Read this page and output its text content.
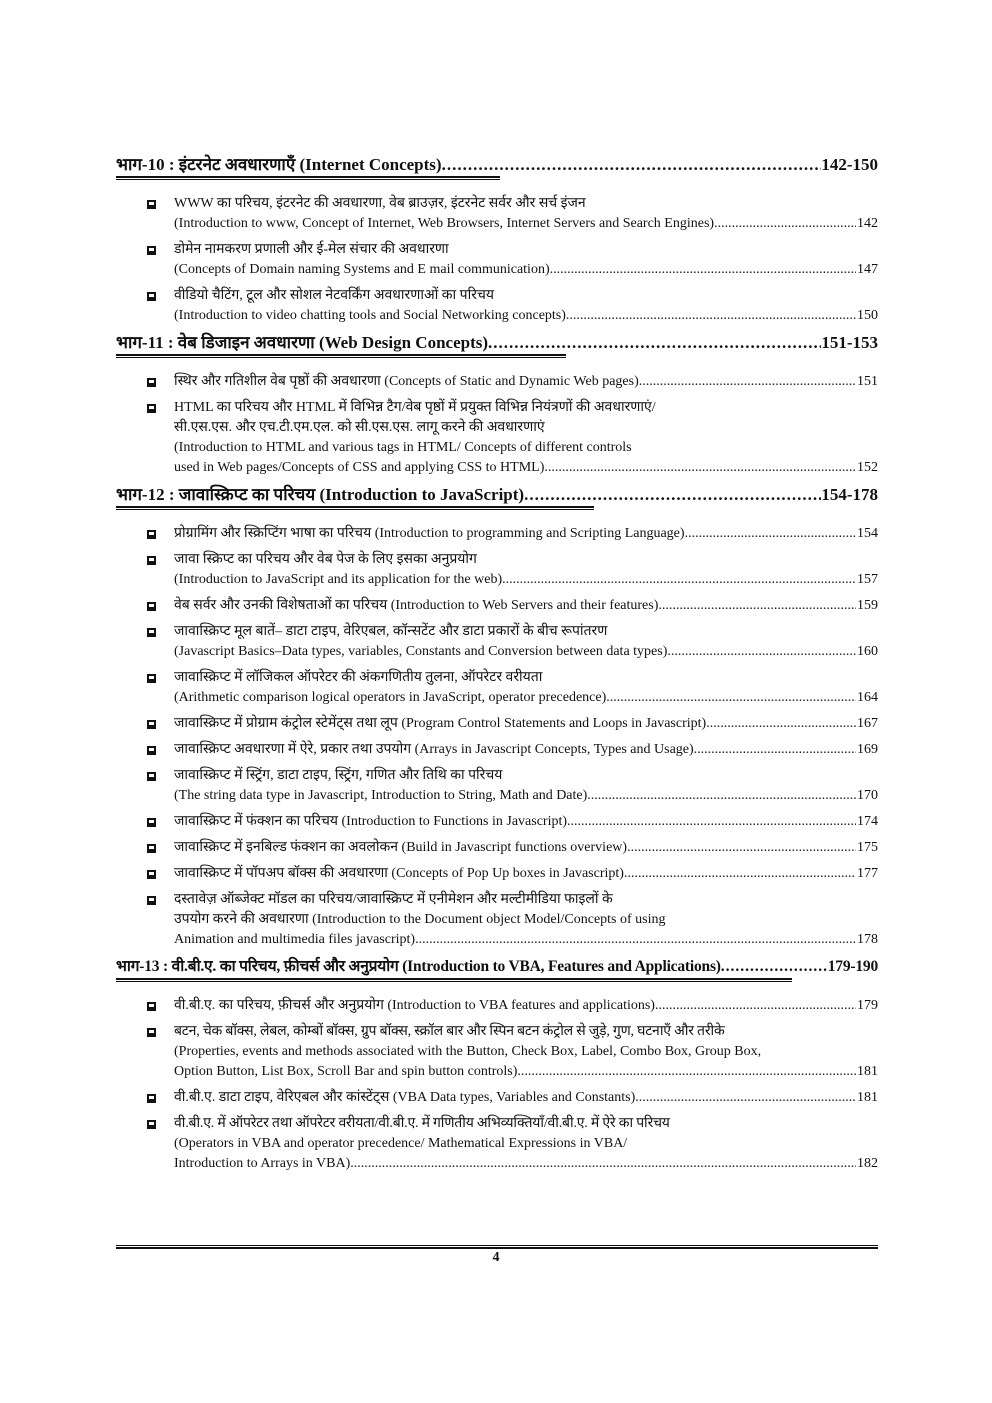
भाग-10 : इंटरनेट अवधारणाएँ (Internet Concepts) .....	142-150
WWW का परिचय, इंटरनेट की अवधारणा, वेब ब्राउज़र, इंटरनेट सर्वर और सर्च इंजन
(Introduction to www, Concept of Internet, Web Browsers, Internet Servers and Search Engines) .....	142
डोमेन नामकरण प्रणाली और ई-मेल संचार की अवधारणा
(Concepts of Domain naming Systems and E mail communication) .....	147
वीडियो चैटिंग, टूल और सोशल नेटवर्किंग अवधारणाओं का परिचय
(Introduction to video chatting tools and Social Networking concepts) .....	150
भाग-11 : वेब डिजाइन अवधारणा (Web Design Concepts) .....	151-153
स्थिर और गतिशील वेब पृष्ठों की अवधारणा (Concepts of Static and Dynamic Web pages) .....	151
HTML का परिचय और HTML में विभिन्न टैग/वेब पृष्ठों में प्रयुक्त विभिन्न नियंत्रणों की अवधारणाएं/
सी.एस.एस. और एच.टी.एम.एल. को सी.एस.एस. लागू करने की अवधारणाएं
(Introduction to HTML and various tags in HTML/ Concepts of different controls
used in Web pages/Concepts of CSS and applying CSS to HTML) .....	152
भाग-12 : जावास्क्रिप्ट का परिचय (Introduction to JavaScript) .....	154-178
प्रोग्रामिंग और स्क्रिप्टिंग भाषा का परिचय (Introduction to programming and Scripting Language) .....	154
जावा स्क्रिप्ट का परिचय और वेब पेज के लिए इसका अनुप्रयोग
(Introduction to JavaScript and its application for the web) .....	157
वेब सर्वर और उनकी विशेषताओं का परिचय (Introduction to Web Servers and their features) .....	159
जावास्क्रिप्ट मूल बातें– डाटा टाइप, वेरिएबल, कॉन्सटेंट और डाटा प्रकारों के बीच रूपांतरण
(Javascript Basics–Data types, variables, Constants and Conversion between data types) .....	160
जावास्क्रिप्ट में लॉजिकल ऑपरेटर की अंकगणितीय तुलना, ऑपरेटर वरीयता
(Arithmetic comparison logical operators in JavaScript, operator precedence) .....	164
जावास्क्रिप्ट में प्रोग्राम कंट्रोल स्टेमेंट्स तथा लूप (Program Control Statements and Loops in Javascript) .....	167
जावास्क्रिप्ट अवधारणा में ऐरे, प्रकार तथा उपयोग (Arrays in Javascript Concepts, Types and Usage) .....	169
जावास्क्रिप्ट में स्ट्रिंग, डाटा टाइप, स्ट्रिंग, गणित और तिथि का परिचय
(The string data type in Javascript, Introduction to String, Math and Date) .....	170
जावास्क्रिप्ट में फंक्शन का परिचय (Introduction to Functions in Javascript) .....	174
जावास्क्रिप्ट में इनबिल्ड फंक्शन का अवलोकन (Build in Javascript functions overview) .....	175
जावास्क्रिप्ट में पॉपअप बॉक्स की अवधारणा (Concepts of Pop Up boxes in Javascript) .....	177
दस्तावेज़ ऑब्जेक्ट मॉडल का परिचय/जावास्क्रिप्ट में एनीमेशन और मल्टीमीडिया फाइलों के
उपयोग करने की अवधारणा (Introduction to the Document object Model/Concepts of using
Animation and multimedia files javascript) .....	178
भाग-13 : वी.बी.ए. का परिचय, फ़ीचर्स और अनुप्रयोग (Introduction to VBA, Features and Applications) .....	179-190
वी.बी.ए. का परिचय, फ़ीचर्स और अनुप्रयोग (Introduction to VBA features and applications) .....	179
बटन, चेक बॉक्स, लेबल, कोम्बों बॉक्स, ग्रुप बॉक्स, स्क्रॉल बार और स्पिन बटन कंट्रोल से जुड़े, गुण, घटनाएँ और तरीके
(Properties, events and methods associated with the Button, Check Box, Label, Combo Box, Group Box,
Option Button, List Box, Scroll Bar and spin button controls) .....	181
वी.बी.ए. डाटा टाइप, वेरिएबल और कांस्टेंट्स (VBA Data types, Variables and Constants) .....	181
वी.बी.ए. में ऑपरेटर तथा ऑपरेटर वरीयता/वी.बी.ए. में गणितीय अभिव्यक्तियाँ/वी.बी.ए. में ऐरे का परिचय
(Operators in VBA and operator precedence/ Mathematical Expressions in VBA/
Introduction to Arrays in VBA) .....	182
4
